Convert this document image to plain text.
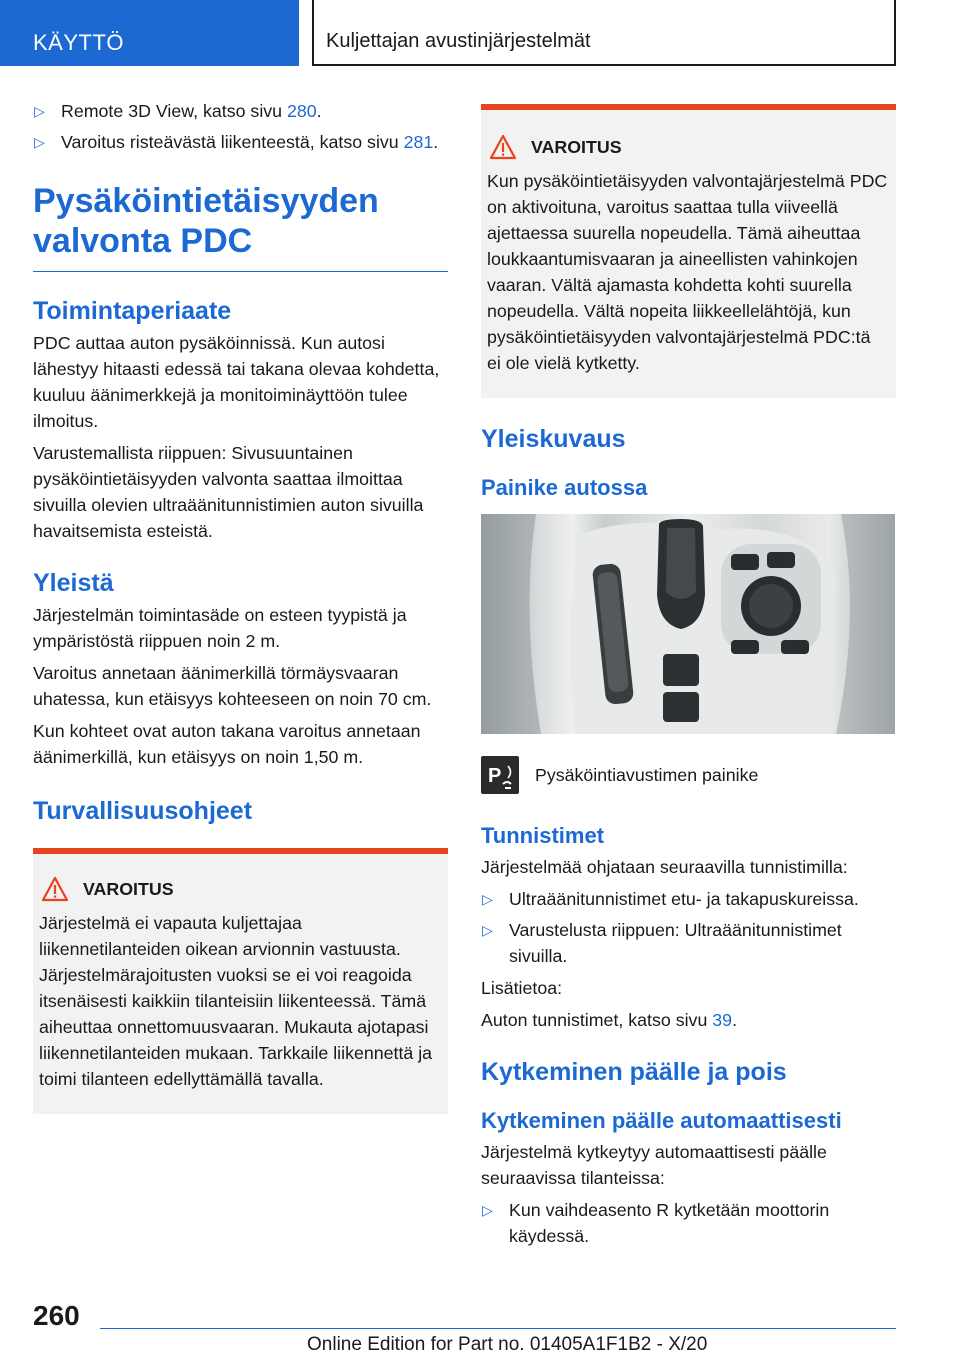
KÄYTTÖ	Kuljettajan avustinjärjestelmät
▷ Remote 3D View, katso sivu 280.
▷ Varoitus risteävästä liikenteestä, katso sivu 281.
Pysäköintietäisyyden valvonta PDC
Toimintaperiaate

PDC auttaa auton pysäköinnissä. Kun autosi lähestyy hitaasti edessä tai takana olevaa kohdetta, kuuluu äänimerkkejä ja monitoiminäyttöön tulee ilmoitus.

Varustemallista riippuen: Sivusuuntainen pysäköintietäisyyden valvonta saattaa ilmoittaa sivuilla olevien ultraäänitunnistimien auton sivuilla havaitsemista esteistä.

Yleistä

Järjestelmän toimintasäde on esteen tyypistä ja ympäristöstä riippuen noin 2 m.

Varoitus annetaan äänimerkillä törmäysvaaran uhatessa, kun etäisyys kohteeseen on noin 70 cm.

Kun kohteet ovat auton takana varoitus annetaan äänimerkillä, kun etäisyys on noin 1,50 m.

Turvallisuusohjeet
VAROITUS

Järjestelmä ei vapauta kuljettajaa liikennetilanteiden oikean arvionnin vastuusta. Järjestelmärajoitusten vuoksi se ei voi reagoida itsenäisesti kaikkiin tilanteisiin liikenteessä. Tämä aiheuttaa onnettomuusvaaran. Mukauta ajotapasi liikennetilanteiden mukaan. Tarkkaile liikennettä ja toimi tilanteen edellyttämällä tavalla.

VAROITUS

Kun pysäköintietäisyyden valvontajärjestelmä PDC on aktivoituna, varoitus saattaa tulla viiveellä ajettaessa suurella nopeudella. Tämä aiheuttaa loukkaantumisvaaran ja aineellisten vahinkojen vaaran. Vältä ajamasta kohdetta kohti suurella nopeudella. Vältä nopeita liikkeellelähtöjä, kun pysäköintietäisyyden valvontajärjestelmä PDC:tä ei ole vielä kytketty.

Yleiskuvaus
Painike autossa
P Pysäköintiavustimen painike

Tunnistimet

Järjestelmää ohjataan seuraavilla tunnistimilla:

▷ Ultraäänitunnistimet etu- ja takapuskureissa.
▷ Varustelusta riippuen: Ultraäänitunnistimet sivuilla.

Lisätietoa:

Auton tunnistimet, katso sivu 39.

Kytkeminen päälle ja pois
Kytkeminen päälle automaattisesti

Järjestelmä kytkeytyy automaattisesti päälle seuraavissa tilanteissa:

▷ Kun vaihdeasento R kytketään moottorin käydessä.
260
Online Edition for Part no. 01405A1F1B2 - X/20
